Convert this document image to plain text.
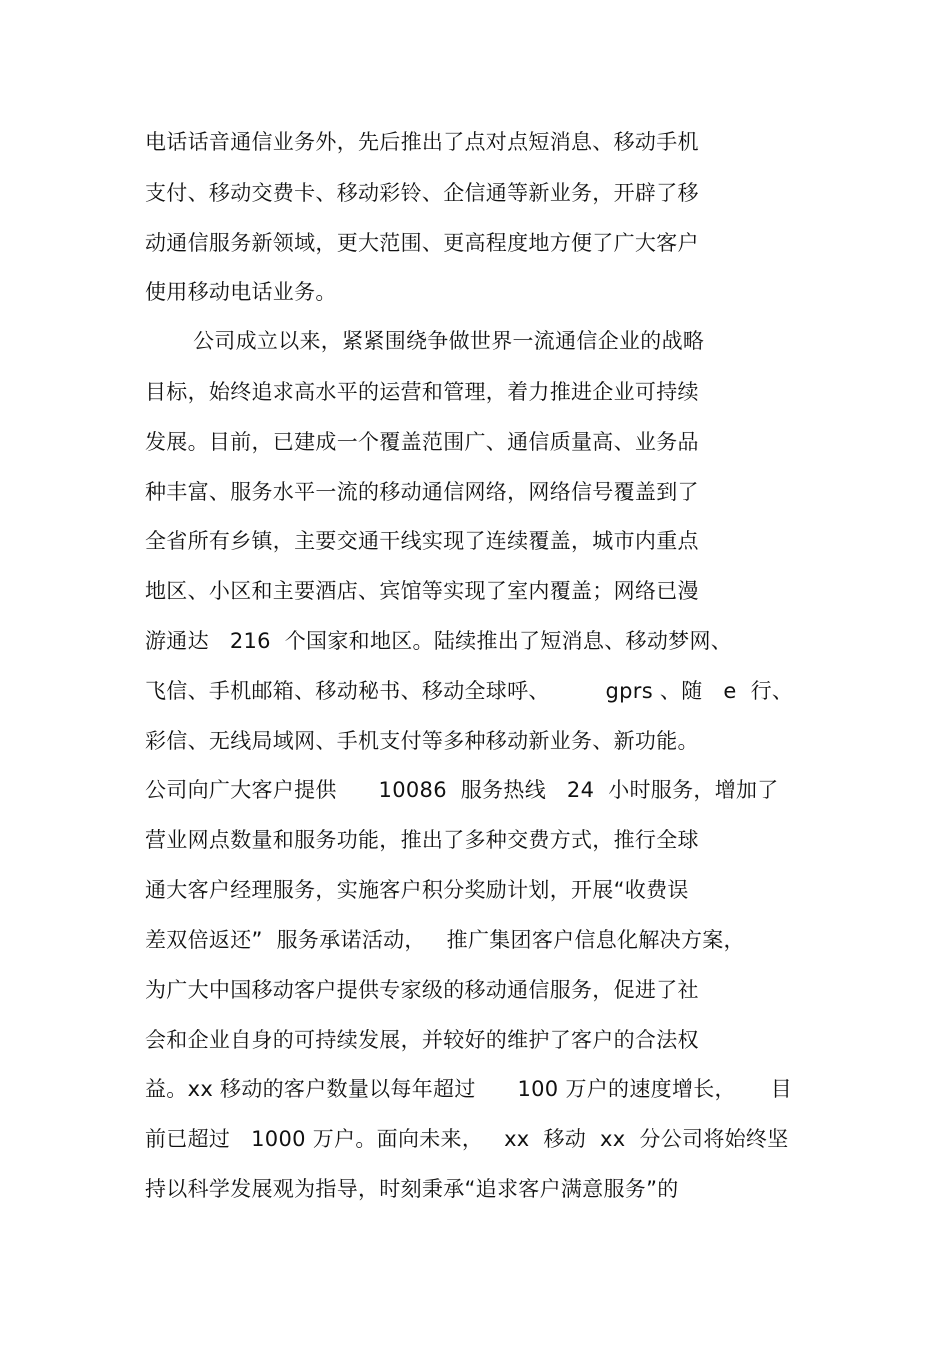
电话话音通信业务外，先后推出了点对点短消息、移动手机
支付、移动交费卡、移动彩铃、企信通等新业务，开辟了移
动通信服务新领域，更大范围、更高程度地方便了广大客户
使用移动电话业务。
公司成立以来，紧紧围绕争做世界一流通信企业的战略
目标，始终追求高水平的运营和管理，着力推进企业可持续
发展。目前，已建成一个覆盖范围广、通信质量高、业务品
种丰富、服务水平一流的移动通信网络，网络信号覆盖到了
全省所有乡镇，主要交通干线实现了连续覆盖，城市内重点
地区、小区和主要酒店、宾馆等实现了室内覆盖；网络已漫
游通达   216  个国家和地区。陆续推出了短消息、移动梦网、
飞信、手机邮箱、移动秘书、移动全球呼、        gprs 、随   e  行、
彩信、无线局域网、手机支付等多种移动新业务、新功能。
公司向广大客户提供      10086  服务热线   24  小时服务，增加了
营业网点数量和服务功能，推出了多种交费方式，推行全球
通大客户经理服务，实施客户积分奖励计划，开展“收费误
差双倍返还”  服务承诺活动，   推广集团客户信息化解决方案，
为广大中国移动客户提供专家级的移动通信服务，促进了社
会和企业自身的可持续发展，并较好的维护了客户的合法权
益。xx 移动的客户数量以每年超过      100 万户的速度增长，     目
前已超过   1000 万户。面向未来，   xx  移动  xx  分公司将始终坚
持以科学发展观为指导，时刻秉承“追求客户满意服务”的
